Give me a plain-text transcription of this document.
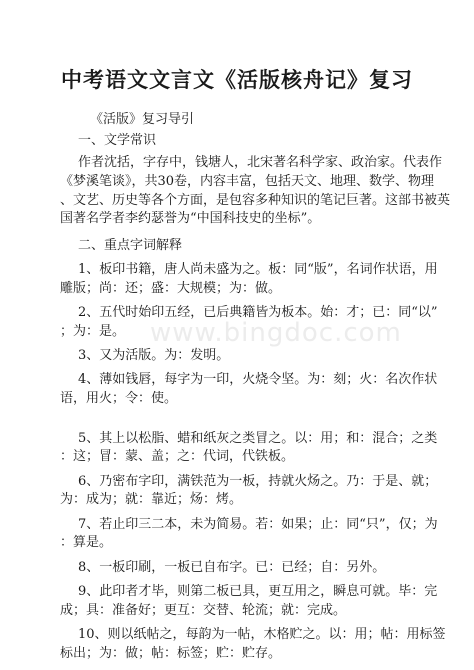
中考语文文言文《活版核舟记》复习
www.bingdoc.com

《活版》复习导引

一、文学常识

作者沈括，字存中，钱塘人，北宋著名科学家、政治家。代表作

《梦溪笔谈》，共30卷，内容丰富，包括天文、地理、数学、物理

、文艺、历史等各个方面，是包容多种知识的笔记巨著。这部书被英

国著名学者李约瑟誉为“中国科技史的坐标”。

二、重点字词解释

1、板印书籍，唐人尚未盛为之。板：同“版”，名词作状语，用

雕版；尚：还；盛：大规模；为：做。

2、五代时始印五经，已后典籍皆为板本。始：才；已：同“以”

；为：是。

3、又为活版。为：发明。

4、薄如钱唇，每字为一印，火烧令坚。为：刻；火：名次作状

语，用火；令：使。

5、其上以松脂、蜡和纸灰之类冒之。以：用；和：混合；之类

：这；冒：蒙、盖；之：代词，代铁板。

6、乃密布字印，满铁范为一板，持就火炀之。乃：于是、就；

为：成为；就：靠近；炀：烤。

7、若止印三二本，未为简易。若：如果；止：同“只”，仅；为

：算是。

8、一板印刷，一板已自布字。已：已经；自：另外。

9、此印者才毕，则第二板已具，更互用之，瞬息可就。毕：完

成；具：准备好；更互：交替、轮流；就：完成。

10、则以纸帖之，每韵为一帖，木格贮之。以：用；帖：用标签

标出；为：做；帖：标签；贮：贮存。
